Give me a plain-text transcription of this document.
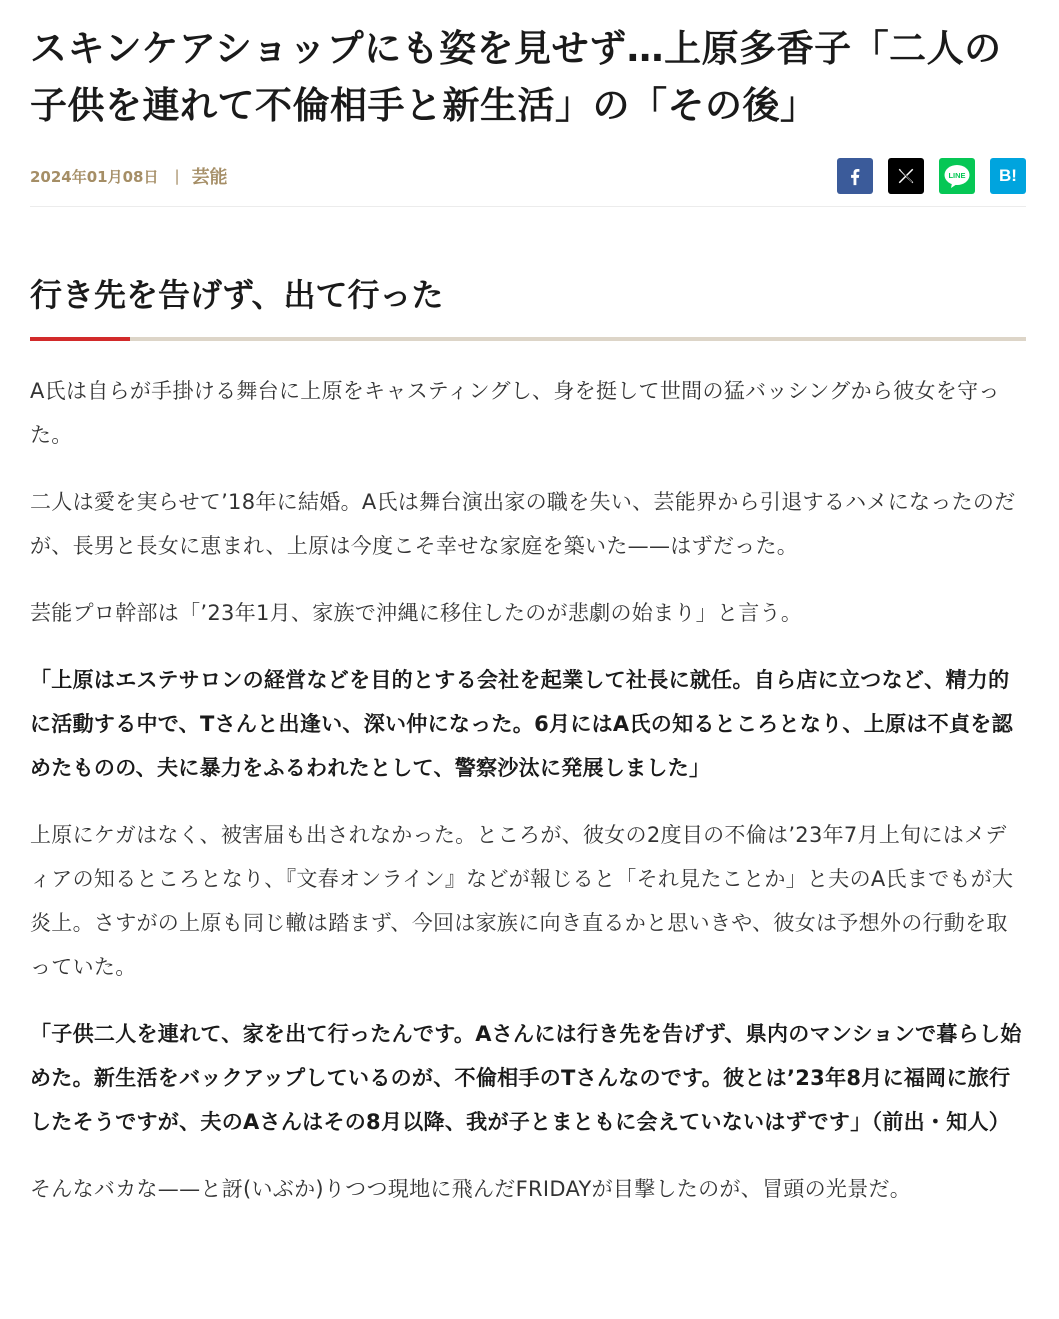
スキンケアショップにも姿を見せず…上原多香子「二人の子供を連れて不倫相手と新生活」の「その後」
2024年01月08日 | 芸能	LINE B!
行き先を告げず、出て行った

A氏は自らが手掛ける舞台に上原をキャスティングし、身を挺して世間の猛バッシングから彼女を守った。

二人は愛を実らせて’18年に結婚。A氏は舞台演出家の職を失い、芸能界から引退するハメになったのだが、長男と長女に恵まれ、上原は今度こそ幸せな家庭を築いた——はずだった。

芸能プロ幹部は「’23年1月、家族で沖縄に移住したのが悲劇の始まり」と言う。

「上原はエステサロンの経営などを目的とする会社を起業して社長に就任。自ら店に立つなど、精力的に活動する中で、Tさんと出逢い、深い仲になった。6月にはA氏の知るところとなり、上原は不貞を認めたものの、夫に暴力をふるわれたとして、警察沙汰に発展しました」

上原にケガはなく、被害届も出されなかった。ところが、彼女の2度目の不倫は’23年7月上旬にはメディアの知るところとなり、『文春オンライン』などが報じると「それ見たことか」と夫のA氏までもが大炎上。さすがの上原も同じ轍は踏まず、今回は家族に向き直るかと思いきや、彼女は予想外の行動を取っていた。

「子供二人を連れて、家を出て行ったんです。Aさんには行き先を告げず、県内のマンションで暮らし始めた。新生活をバックアップしているのが、不倫相手のTさんなのです。彼とは’23年8月に福岡に旅行したそうですが、夫のAさんはその8月以降、我が子とまともに会えていないはずです」（前出・知人）

そんなバカな——と訝(いぶか)りつつ現地に飛んだFRIDAYが目撃したのが、冒頭の光景だ。
